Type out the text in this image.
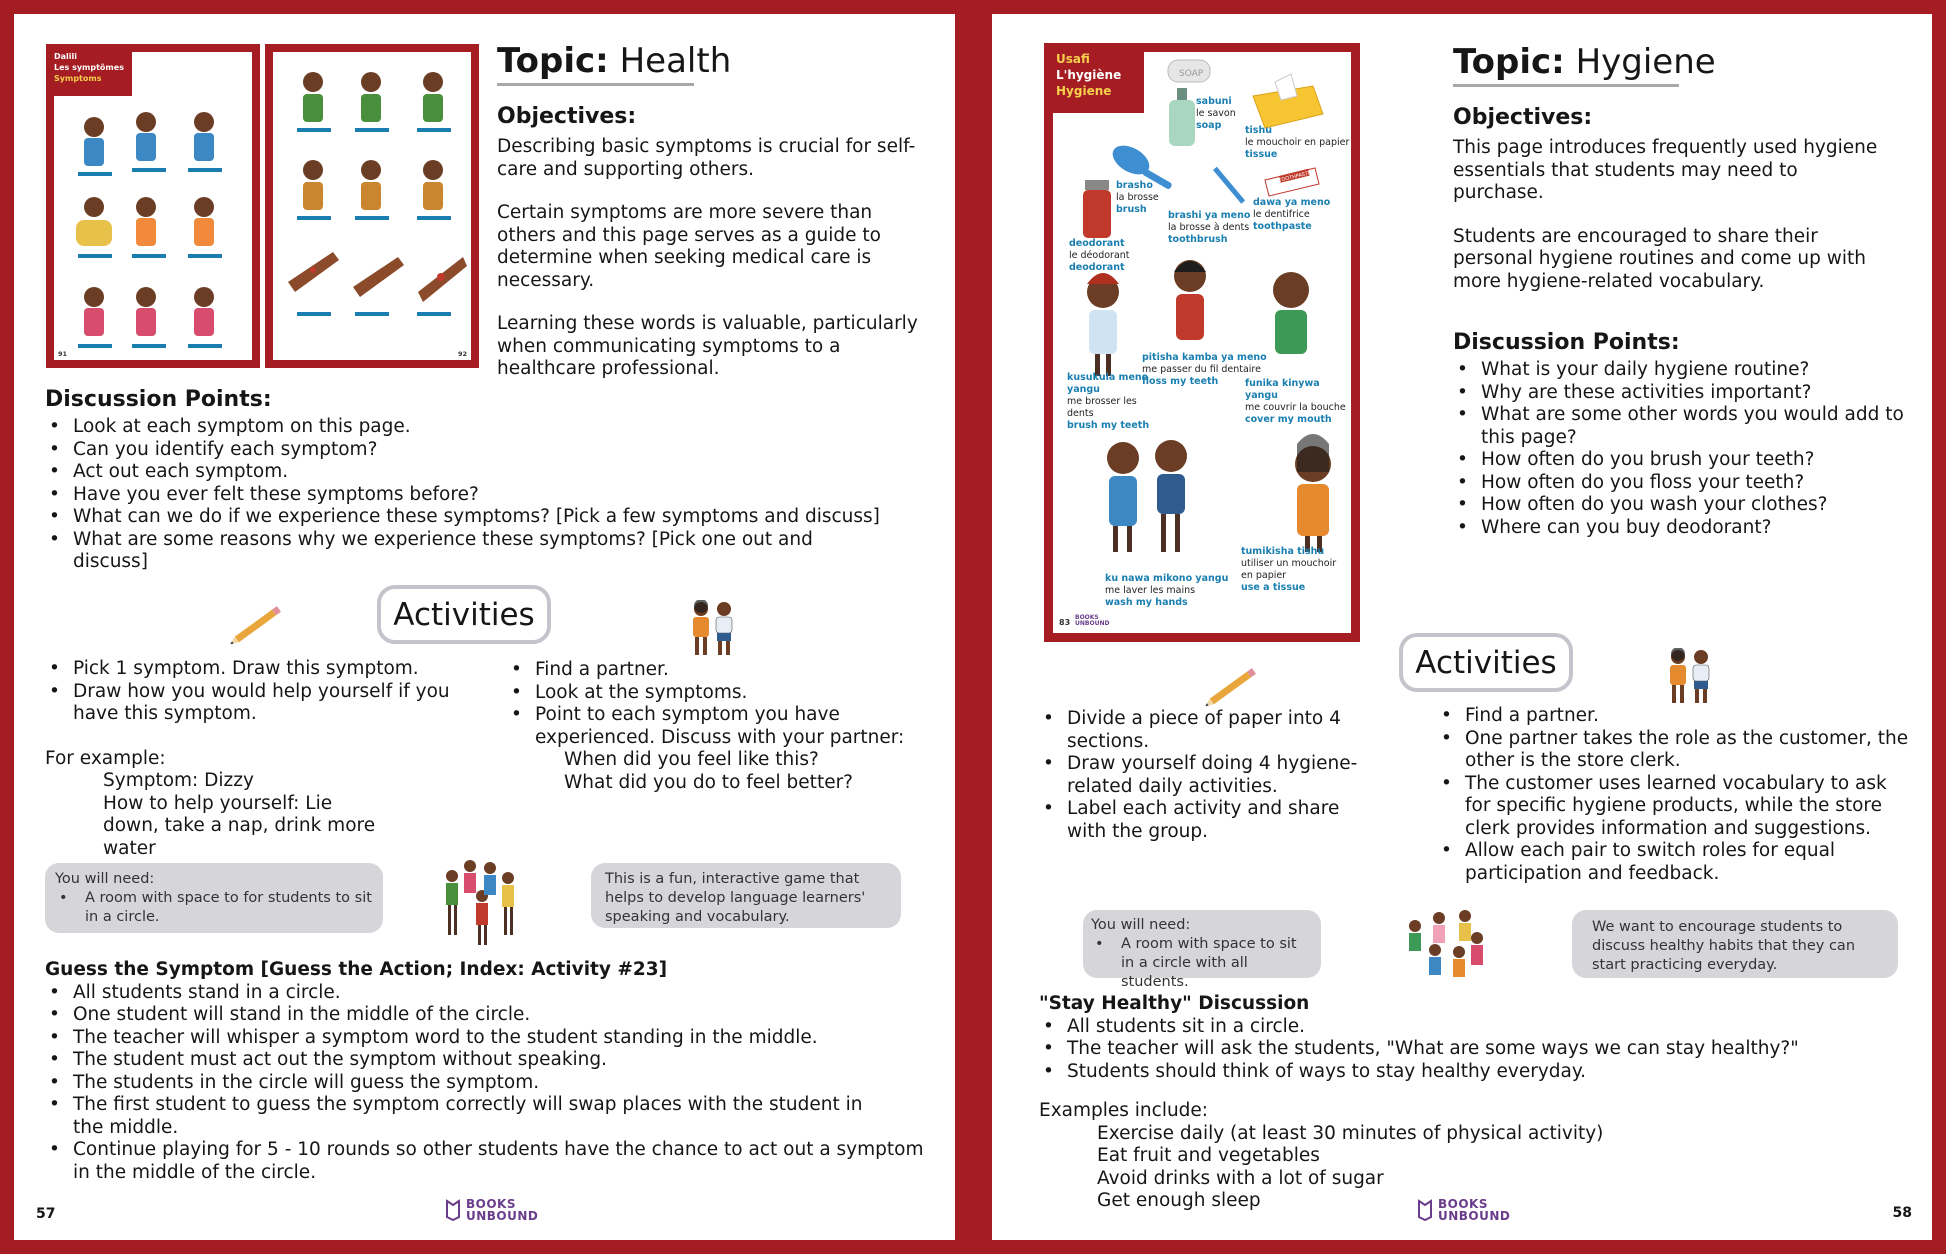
Dalili
Les symptômes
Symptoms
91	92
Topic: Health
Objectives:

Describing basic symptoms is crucial for self-care and supporting others.

Certain symptoms are more severe than others and this page serves as a guide to determine when seeking medical care is necessary.

Learning these words is valuable, particularly when communicating symptoms to a healthcare professional.

Discussion Points:
• Look at each symptom on this page.
• Can you identify each symptom?
• Act out each symptom.
• Have you ever felt these symptoms before?
• What can we do if we experience these symptoms? [Pick a few symptoms and discuss]
• What are some reasons why we experience these symptoms? [Pick one out and discuss]
Activities
• Pick 1 symptom. Draw this symptom.
• Draw how you would help yourself if you have this symptom.
For example:
Symptom: Dizzy
How to help yourself: Lie down, take a nap, drink more water
• Find a partner.
• Look at the symptoms.
• Point to each symptom you have experienced. Discuss with your partner:
When did you feel like this?
What did you do to feel better?
You will need:
• A room with space to for students to sit in a circle.
This is a fun, interactive game that helps to develop language learners' speaking and vocabulary.
Guess the Symptom [Guess the Action; Index: Activity #23]
• All students stand in a circle.
• One student will stand in the middle of the circle.
• The teacher will whisper a symptom word to the student standing in the middle.
• The student must act out the symptom without speaking.
• The students in the circle will guess the symptom.
• The first student to guess the symptom correctly will swap places with the student in the middle.
• Continue playing for 5 - 10 rounds so other students have the chance to act out a symptom in the middle of the circle.
57
BOOKS
UNBOUND
Usafi
L'hygiène
Hygiene
SOAP
TOOTHPASTE
sabuni
le savon
soap	tishu
le mouchoir en papier
tissue
brasho
la brosse
brush
brashi ya meno
la brosse à dents
toothbrush
dawa ya meno
le dentifrice
toothpaste
deodorant
le déodorant
deodorant
kusukula meno yangu
me brosser les dents
brush my teeth
pitisha kamba ya meno
me passer du fil dentaire
floss my teeth	funika kinywa yangu
me couvrir la bouche
cover my mouth
ku nawa mikono yangu
me laver les mains
wash my hands
tumikisha tishu
utiliser un mouchoir en papier
use a tissue
83
BOOKS
UNBOUND
Topic: Hygiene
Objectives:

This page introduces frequently used hygiene essentials that students may need to purchase.

Students are encouraged to share their personal hygiene routines and come up with more hygiene-related vocabulary.

Discussion Points:
• What is your daily hygiene routine?
• Why are these activities important?
• What are some other words you would add to this page?
• How often do you brush your teeth?
• How often do you floss your teeth?
• How often do you wash your clothes?
• Where can you buy deodorant?
Activities
• Divide a piece of paper into 4 sections.
• Draw yourself doing 4 hygiene-related daily activities.
• Label each activity and share with the group.
• Find a partner.
• One partner takes the role as the customer, the other is the store clerk.
• The customer uses learned vocabulary to ask for specific hygiene products, while the store clerk provides information and suggestions.
• Allow each pair to switch roles for equal participation and feedback.
You will need:
• A room with space to sit in a circle with all students.
We want to encourage students to discuss healthy habits that they can start practicing everyday.
"Stay Healthy" Discussion
• All students sit in a circle.
• The teacher will ask the students, "What are some ways we can stay healthy?"
• Students should think of ways to stay healthy everyday.
Examples include:
Exercise daily (at least 30 minutes of physical activity)
Eat fruit and vegetables
Avoid drinks with a lot of sugar
Get enough sleep	BOOKS
UNBOUND	58
